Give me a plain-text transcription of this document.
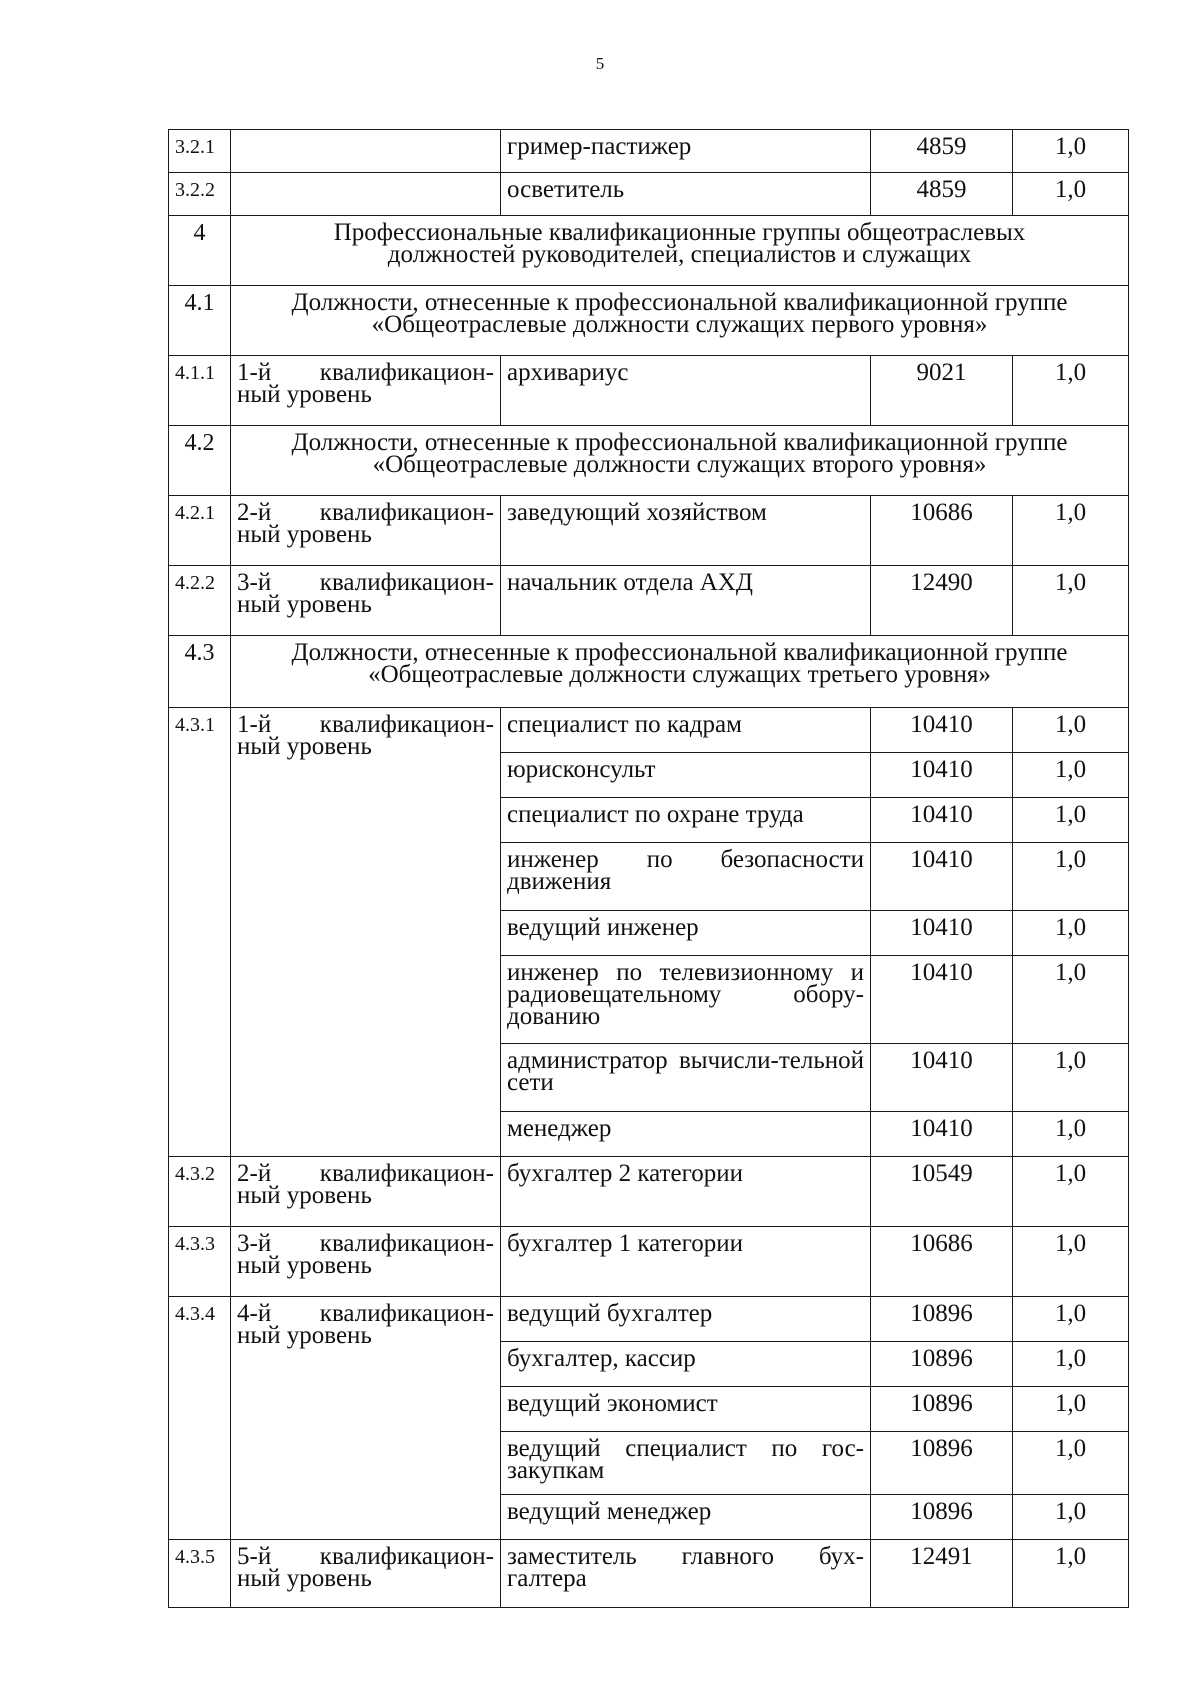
5
3.2.1		гример-пастижер	4859	1,0
3.2.2		осветитель	4859	1,0
4	Профессиональные квалификационные группы общеотраслевых
должностей руководителей, специалистов и служащих			

4.1	Должности, отнесенные к профессиональной квалификационной группе
«Общеотраслевые должности служащих первого уровня»			

4.1.1	1-й квалификацион-ный уровень	архивариус	9021	1,0
4.2	Должности, отнесенные к профессиональной квалификационной группе
«Общеотраслевые должности служащих второго уровня»			

4.2.1	2-й квалификацион-ный уровень	заведующий хозяйством	10686	1,0
4.2.2	3-й квалификацион-ный уровень	начальник отдела АХД	12490	1,0
4.3	Должности, отнесенные к профессиональной квалификационной группе
«Общеотраслевые должности служащих третьего уровня»			

4.3.1	1-й квалификацион-ный уровень	специалист по кадрам	10410	1,0
		юрисконсульт	10410	1,0
		специалист по охране труда	10410	1,0
		инженер по безопасности движения	10410	1,0
		ведущий инженер	10410	1,0
		инженер по телевизионному и радиовещательному обору-дованию	10410	1,0
		администратор вычисли-тельной сети	10410	1,0
		менеджер	10410	1,0
4.3.2	2-й квалификацион-ный уровень	бухгалтер 2 категории	10549	1,0
4.3.3	3-й квалификацион-ный уровень	бухгалтер 1 категории	10686	1,0
4.3.4	4-й квалификацион-ный уровень	ведущий бухгалтер	10896	1,0
		бухгалтер, кассир	10896	1,0
		ведущий экономист	10896	1,0
		ведущий специалист по гос-закупкам	10896	1,0
		ведущий менеджер	10896	1,0
4.3.5	5-й квалификацион-ный уровень	заместитель главного бух-галтера	12491	1,0
